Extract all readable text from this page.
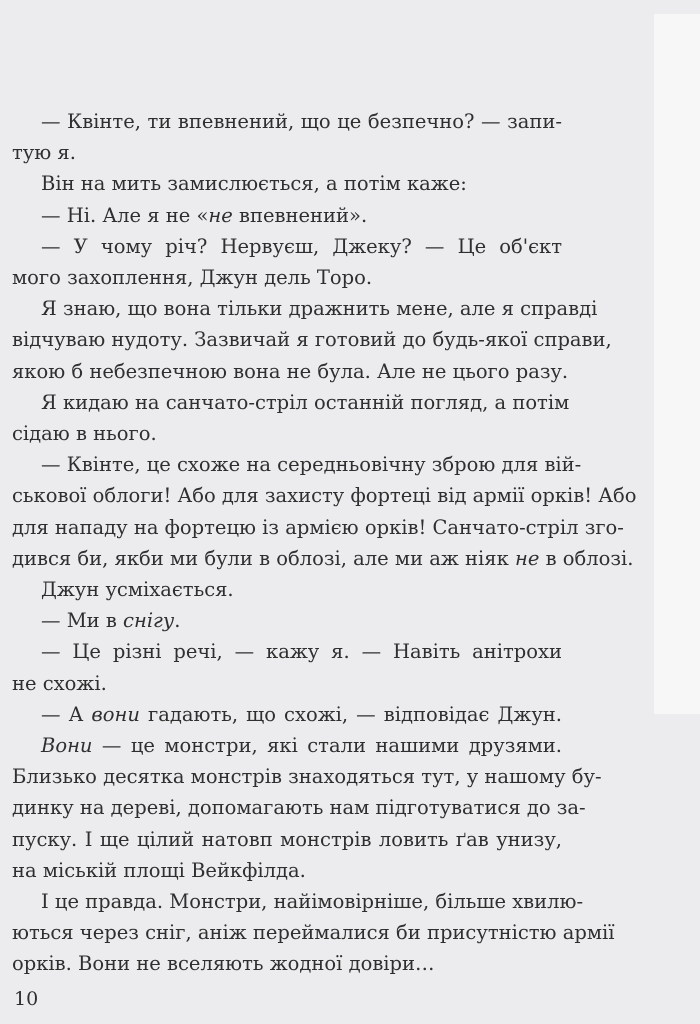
— Квінте, ти впевнений, що це безпечно? — запи-
тую я.
Він на мить замислюється, а потім каже:
— Ні. Але я не «не впевнений».
— У чому річ? Нервуєш, Джеку? — Це об'єкт
мого захоплення, Джун дель Торо.
Я знаю, що вона тільки дражнить мене, але я справді
відчуваю нудоту. Зазвичай я готовий до будь-якої справи,
якою б небезпечною вона не була. Але не цього разу.
Я кидаю на санчато-стріл останній погляд, а потім
сідаю в нього.
— Квінте, це схоже на середньовічну зброю для вій-
ськової облоги! Або для захисту фортеці від армії орків! Або
для нападу на фортецю із армією орків! Санчато-стріл зго-
дився би, якби ми були в облозі, але ми аж ніяк не в облозі.
Джун усміхається.
— Ми в снігу.
— Це різні речі, — кажу я. — Навіть анітрохи
не схожі.
— А вони гадають, що схожі, — відповідає Джун.
Вони — це монстри, які стали нашими друзями.
Близько десятка монстрів знаходяться тут, у нашому бу-
динку на дереві, допомагають нам підготуватися до за-
пуску. І ще цілий натовп монстрів ловить ґав унизу,
на міській площі Вейкфілда.
І це правда. Монстри, найімовірніше, більше хвилю-
ються через сніг, аніж переймалися би присутністю армії
орків. Вони не вселяють жодної довіри…
10
